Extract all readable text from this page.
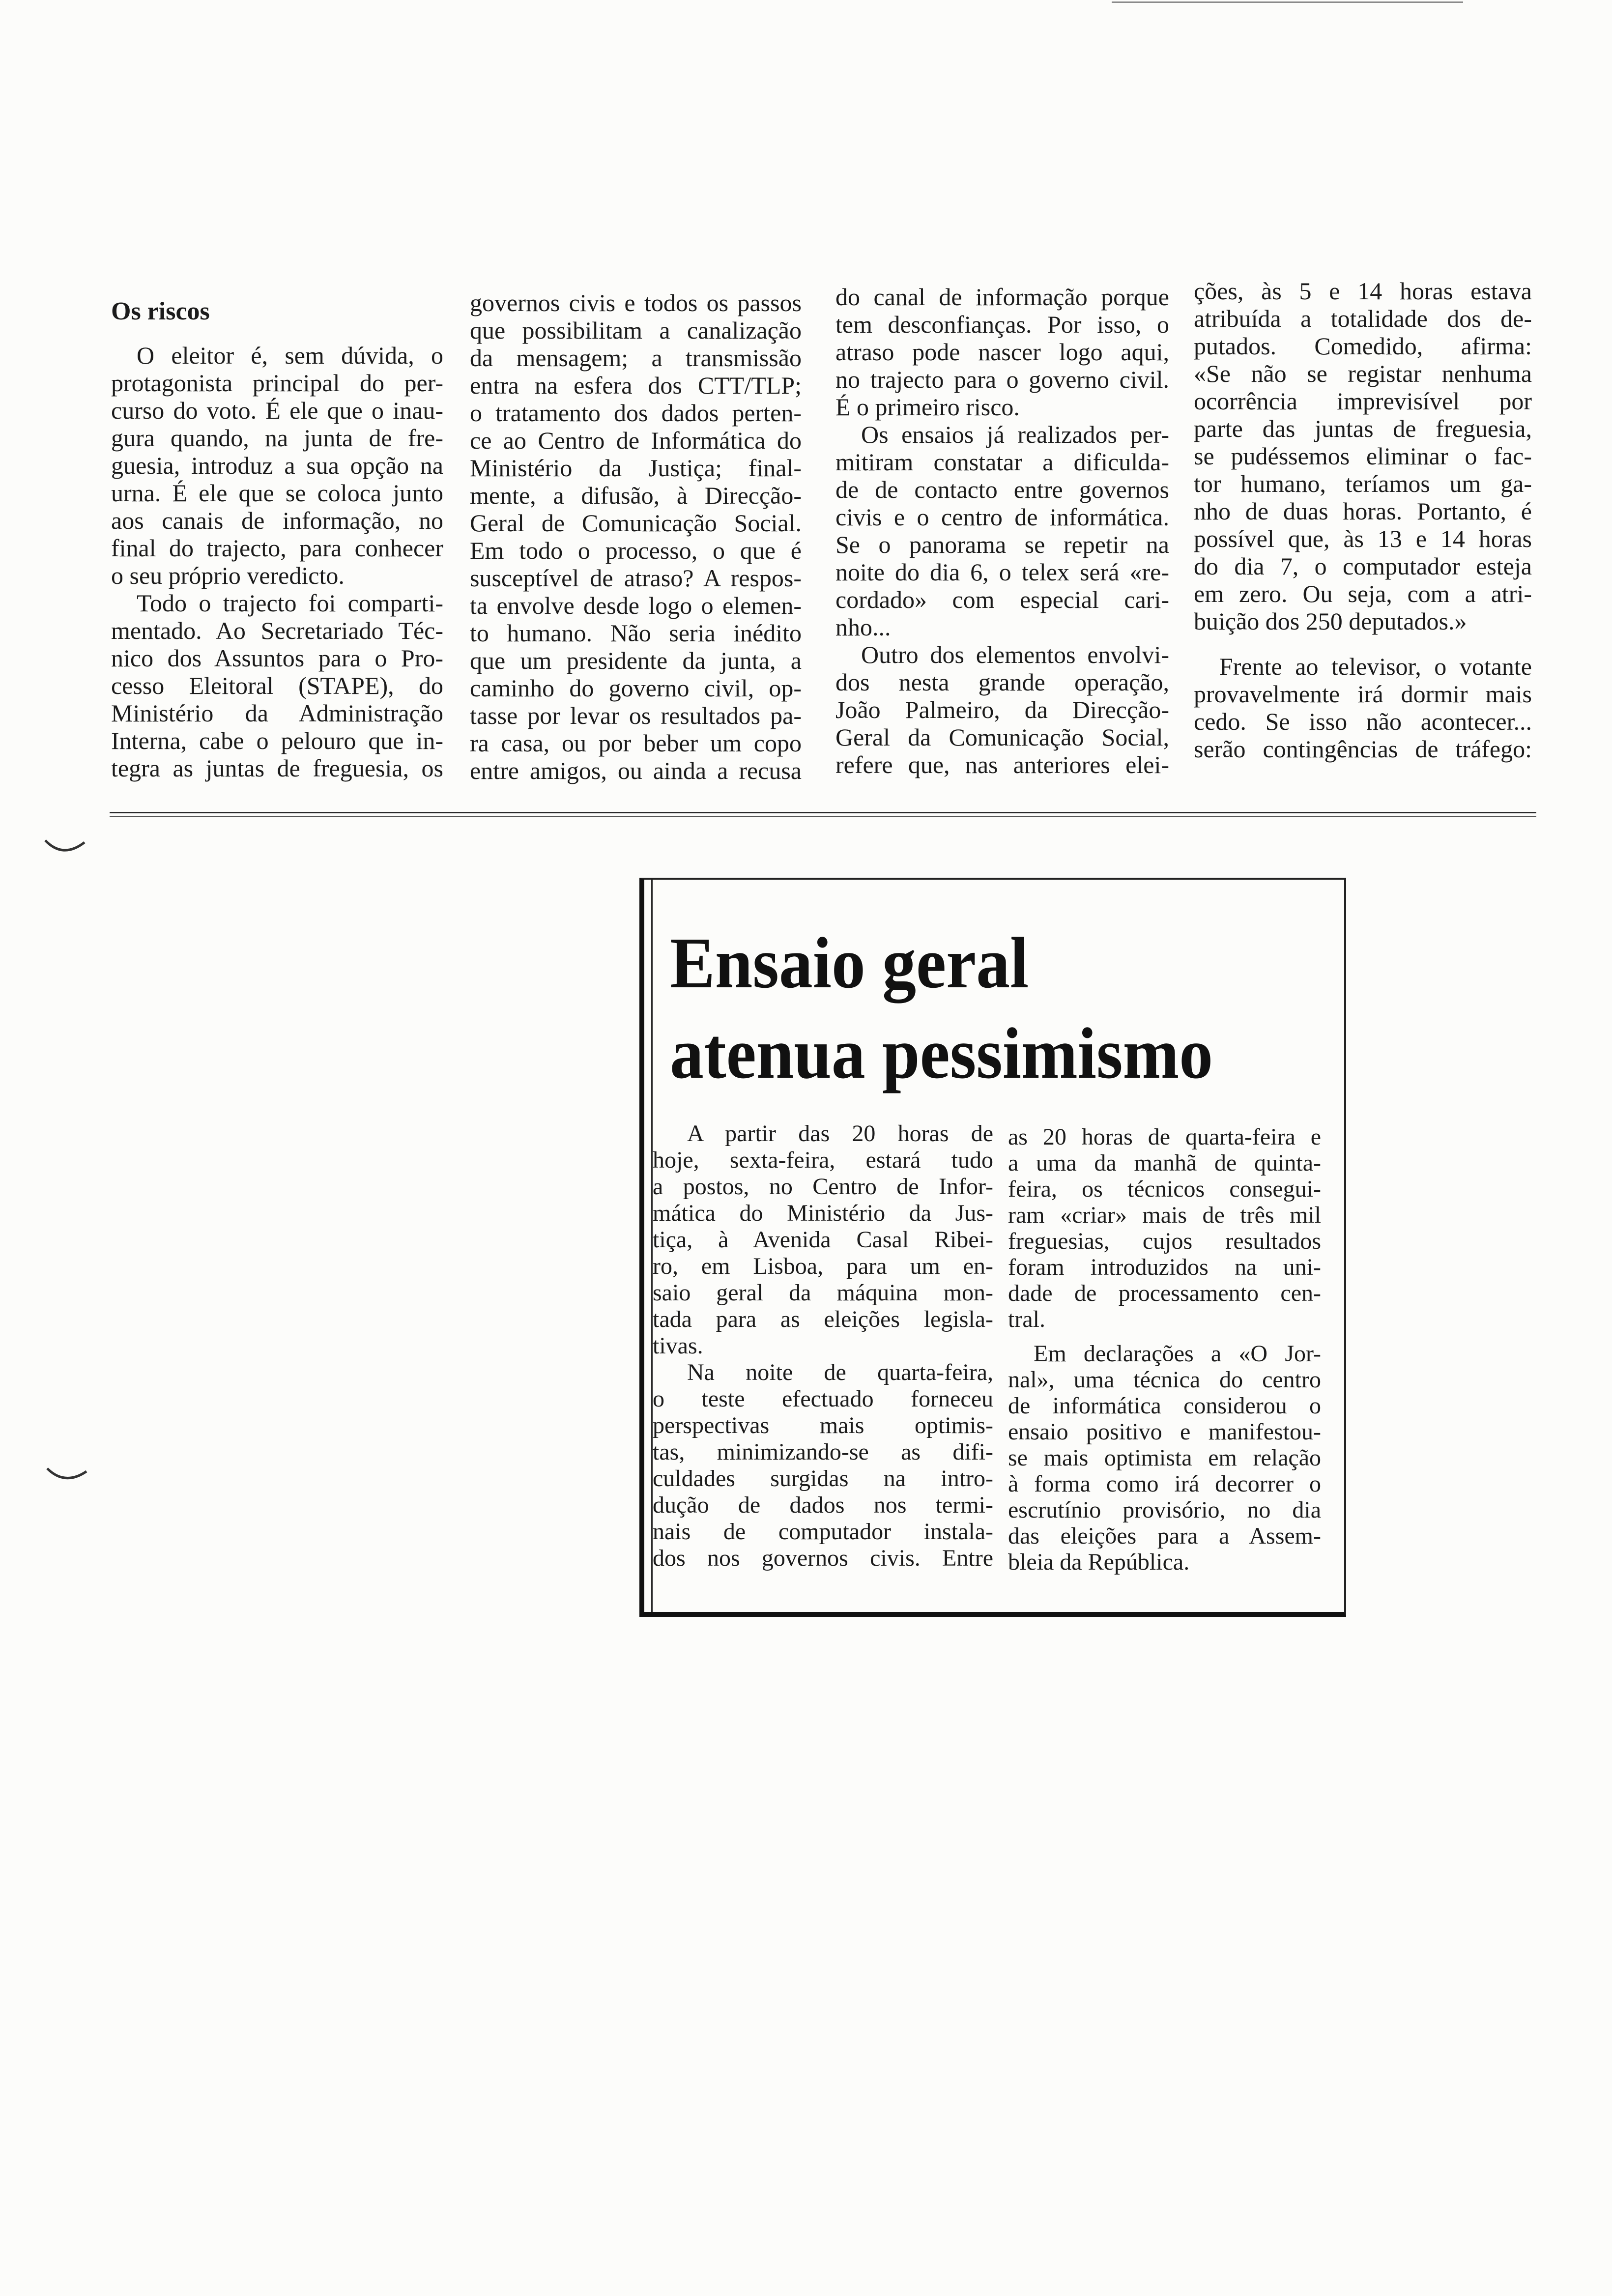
Os riscos
O eleitor é, sem dúvida, o
protagonista principal do per-
curso do voto. É ele que o inau-
gura quando, na junta de fre-
guesia, introduz a sua opção na
urna. É ele que se coloca junto
aos canais de informação, no
final do trajecto, para conhecer
o seu próprio veredicto.
Todo o trajecto foi comparti-
mentado. Ao Secretariado Téc-
nico dos Assuntos para o Pro-
cesso Eleitoral (STAPE), do
Ministério da Administração
Interna, cabe o pelouro que in-
tegra as juntas de freguesia, os
governos civis e todos os passos
que possibilitam a canalização
da mensagem; a transmissão
entra na esfera dos CTT/TLP;
o tratamento dos dados perten-
ce ao Centro de Informática do
Ministério da Justiça; final-
mente, a difusão, à Direcção-
Geral de Comunicação Social.
Em todo o processo, o que é
susceptível de atraso? A respos-
ta envolve desde logo o elemen-
to humano. Não seria inédito
que um presidente da junta, a
caminho do governo civil, op-
tasse por levar os resultados pa-
ra casa, ou por beber um copo
entre amigos, ou ainda a recusa
do canal de informação porque
tem desconfianças. Por isso, o
atraso pode nascer logo aqui,
no trajecto para o governo civil.
É o primeiro risco.
Os ensaios já realizados per-
mitiram constatar a dificulda-
de de contacto entre governos
civis e o centro de informática.
Se o panorama se repetir na
noite do dia 6, o telex será «re-
cordado» com especial cari-
nho...
Outro dos elementos envolvi-
dos nesta grande operação,
João Palmeiro, da Direcção-
Geral da Comunicação Social,
refere que, nas anteriores elei-
ções, às 5 e 14 horas estava
atribuída a totalidade dos de-
putados. Comedido, afirma:
«Se não se registar nenhuma
ocorrência imprevisível por
parte das juntas de freguesia,
se pudéssemos eliminar o fac-
tor humano, teríamos um ga-
nho de duas horas. Portanto, é
possível que, às 13 e 14 horas
do dia 7, o computador esteja
em zero. Ou seja, com a atri-
buição dos 250 deputados.»
Frente ao televisor, o votante
provavelmente irá dormir mais
cedo. Se isso não acontecer...
serão contingências de tráfego:
Ensaio geral
atenua pessimismo
A partir das 20 horas de
hoje, sexta-feira, estará tudo
a postos, no Centro de Infor-
mática do Ministério da Jus-
tiça, à Avenida Casal Ribei-
ro, em Lisboa, para um en-
saio geral da máquina mon-
tada para as eleições legisla-
tivas.
Na noite de quarta-feira,
o teste efectuado forneceu
perspectivas mais optimis-
tas, minimizando-se as difi-
culdades surgidas na intro-
dução de dados nos termi-
nais de computador instala-
dos nos governos civis. Entre
as 20 horas de quarta-feira e
a uma da manhã de quinta-
feira, os técnicos consegui-
ram «criar» mais de três mil
freguesias, cujos resultados
foram introduzidos na uni-
dade de processamento cen-
tral.
Em declarações a «O Jor-
nal», uma técnica do centro
de informática considerou o
ensaio positivo e manifestou-
se mais optimista em relação
à forma como irá decorrer o
escrutínio provisório, no dia
das eleições para a Assem-
bleia da República.
